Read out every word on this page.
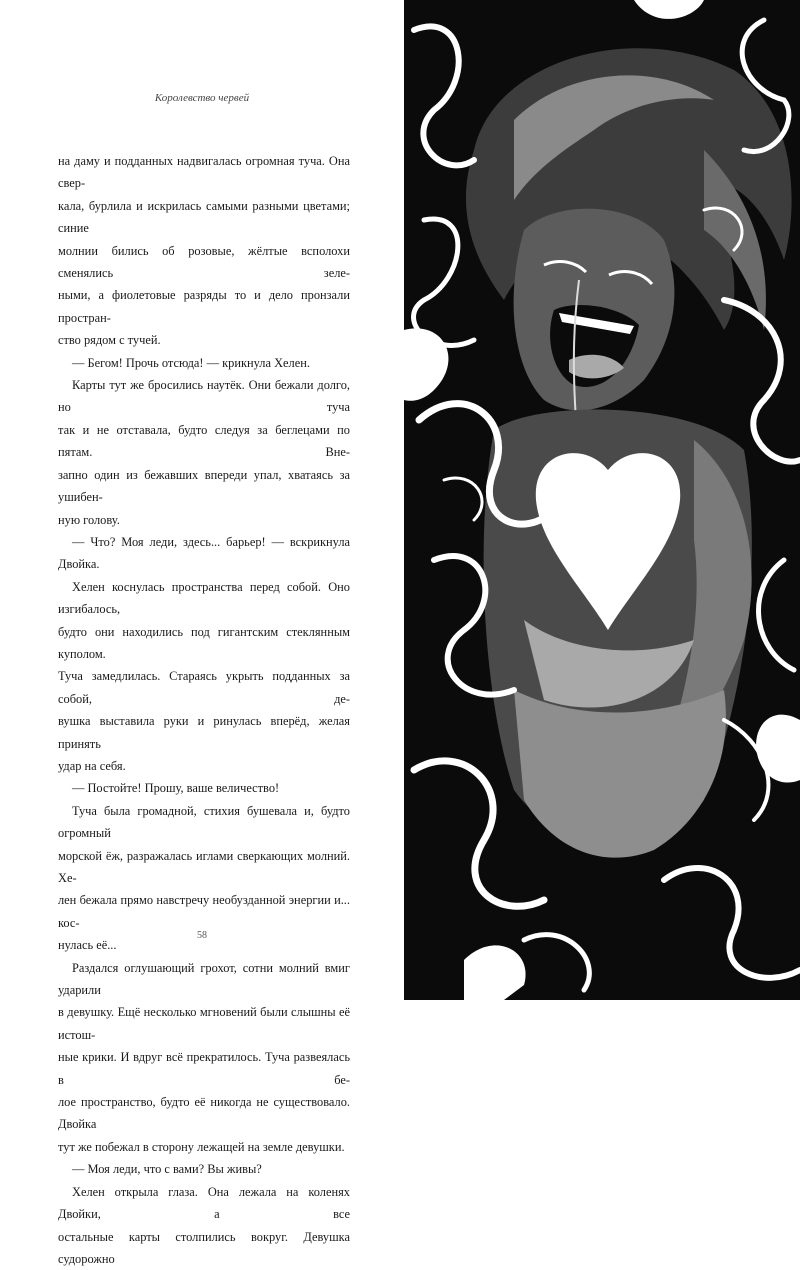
Королевство червей

на даму и подданных надвигалась огромная туча. Она свер-
кала, бурлила и искрилась самыми разными цветами; синие
молнии бились об розовые, жёлтые всполохи сменялись зеле-
ными, а фиолетовые разряды то и дело пронзали простран-
ство рядом с тучей.

— Бегом! Прочь отсюда! — крикнула Хелен.

Карты тут же бросились наутёк. Они бежали долго, но туча
так и не отставала, будто следуя за беглецами по пятам. Вне-
запно один из бежавших впереди упал, хватаясь за ушибен-
ную голову.

— Что? Моя леди, здесь... барьер! — вскрикнула Двойка.

Хелен коснулась пространства перед собой. Оно изгибалось,
будто они находились под гигантским стеклянным куполом.
Туча замедлилась. Стараясь укрыть подданных за собой, де-
вушка выставила руки и ринулась вперёд, желая принять
удар на себя.

— Постойте! Прошу, ваше величество!

Туча была громадной, стихия бушевала и, будто огромный
морской ёж, разражалась иглами сверкающих молний. Хе-
лен бежала прямо навстречу необузданной энергии и... кос-
нулась её...

Раздался оглушающий грохот, сотни молний вмиг ударили
в девушку. Ещё несколько мгновений были слышны её истош-
ные крики. И вдруг всё прекратилось. Туча развеялась в бе-
лое пространство, будто её никогда не существовало. Двойка
тут же побежал в сторону лежащей на земле девушки.

— Моя леди, что с вами? Вы живы?

Хелен открыла глаза. Она лежала на коленях Двойки, а все
остальные карты столпились вокруг. Девушка судорожно

58
